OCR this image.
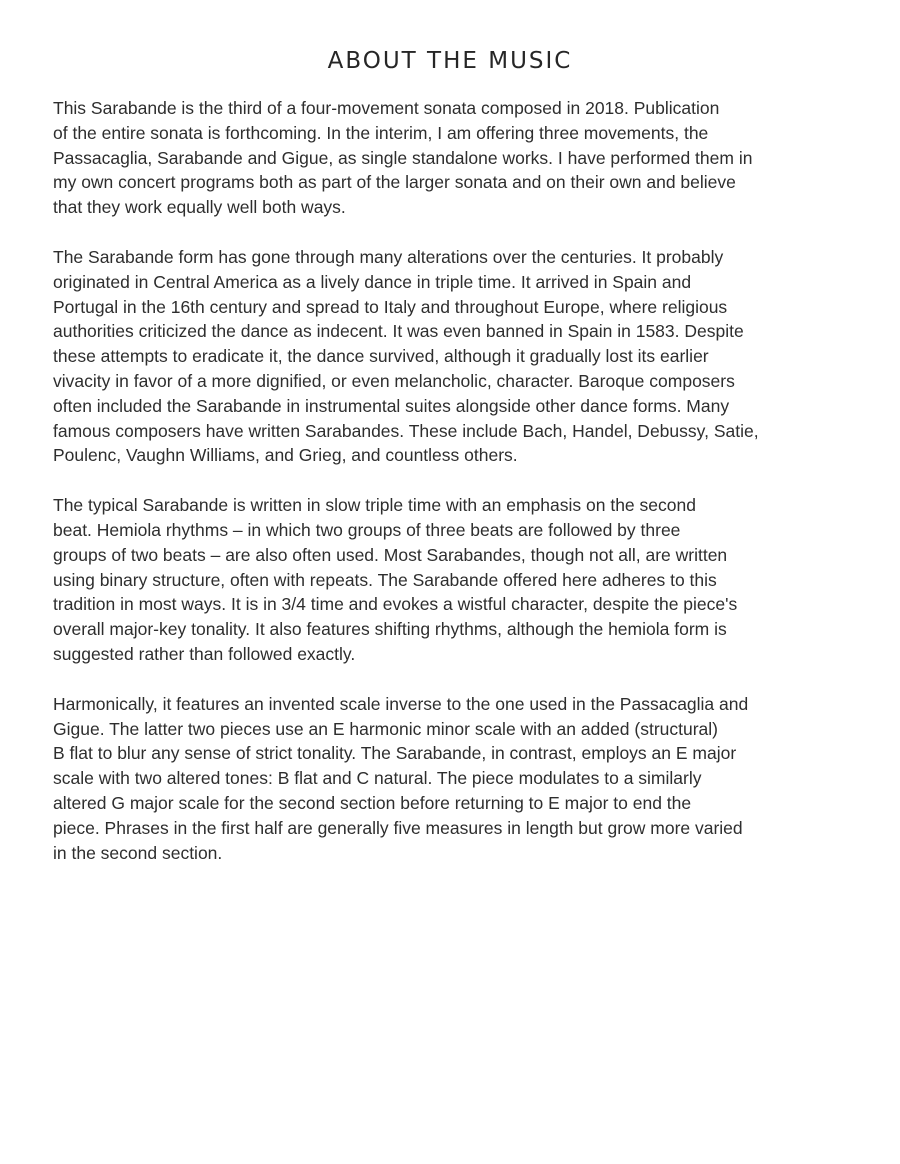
ABOUT THE MUSIC

This Sarabande is the third of a four-movement sonata composed in 2018. Publication
of the entire sonata is forthcoming. In the interim, I am offering three movements, the
Passacaglia, Sarabande and Gigue, as single standalone works. I have performed them in
my own concert programs both as part of the larger sonata and on their own and believe
that they work equally well both ways.

The Sarabande form has gone through many alterations over the centuries. It probably
originated in Central America as a lively dance in triple time. It arrived in Spain and
Portugal in the 16th century and spread to Italy and throughout Europe, where religious
authorities criticized the dance as indecent. It was even banned in Spain in 1583. Despite
these attempts to eradicate it, the dance survived, although it gradually lost its earlier
vivacity in favor of a more dignified, or even melancholic, character. Baroque composers
often included the Sarabande in instrumental suites alongside other dance forms. Many
famous composers have written Sarabandes. These include Bach, Handel, Debussy, Satie,
Poulenc, Vaughn Williams, and Grieg, and countless others.

The typical Sarabande is written in slow triple time with an emphasis on the second
beat. Hemiola rhythms – in which two groups of three beats are followed by three
groups of two beats – are also often used. Most Sarabandes, though not all, are written
using binary structure, often with repeats. The Sarabande offered here adheres to this
tradition in most ways. It is in 3/4 time and evokes a wistful character, despite the piece's
overall major-key tonality. It also features shifting rhythms, although the hemiola form is
suggested rather than followed exactly.

Harmonically, it features an invented scale inverse to the one used in the Passacaglia and
Gigue. The latter two pieces use an E harmonic minor scale with an added (structural)
B flat to blur any sense of strict tonality. The Sarabande, in contrast, employs an E major
scale with two altered tones: B flat and C natural. The piece modulates to a similarly
altered G major scale for the second section before returning to E major to end the
piece. Phrases in the first half are generally five measures in length but grow more varied
in the second section.
